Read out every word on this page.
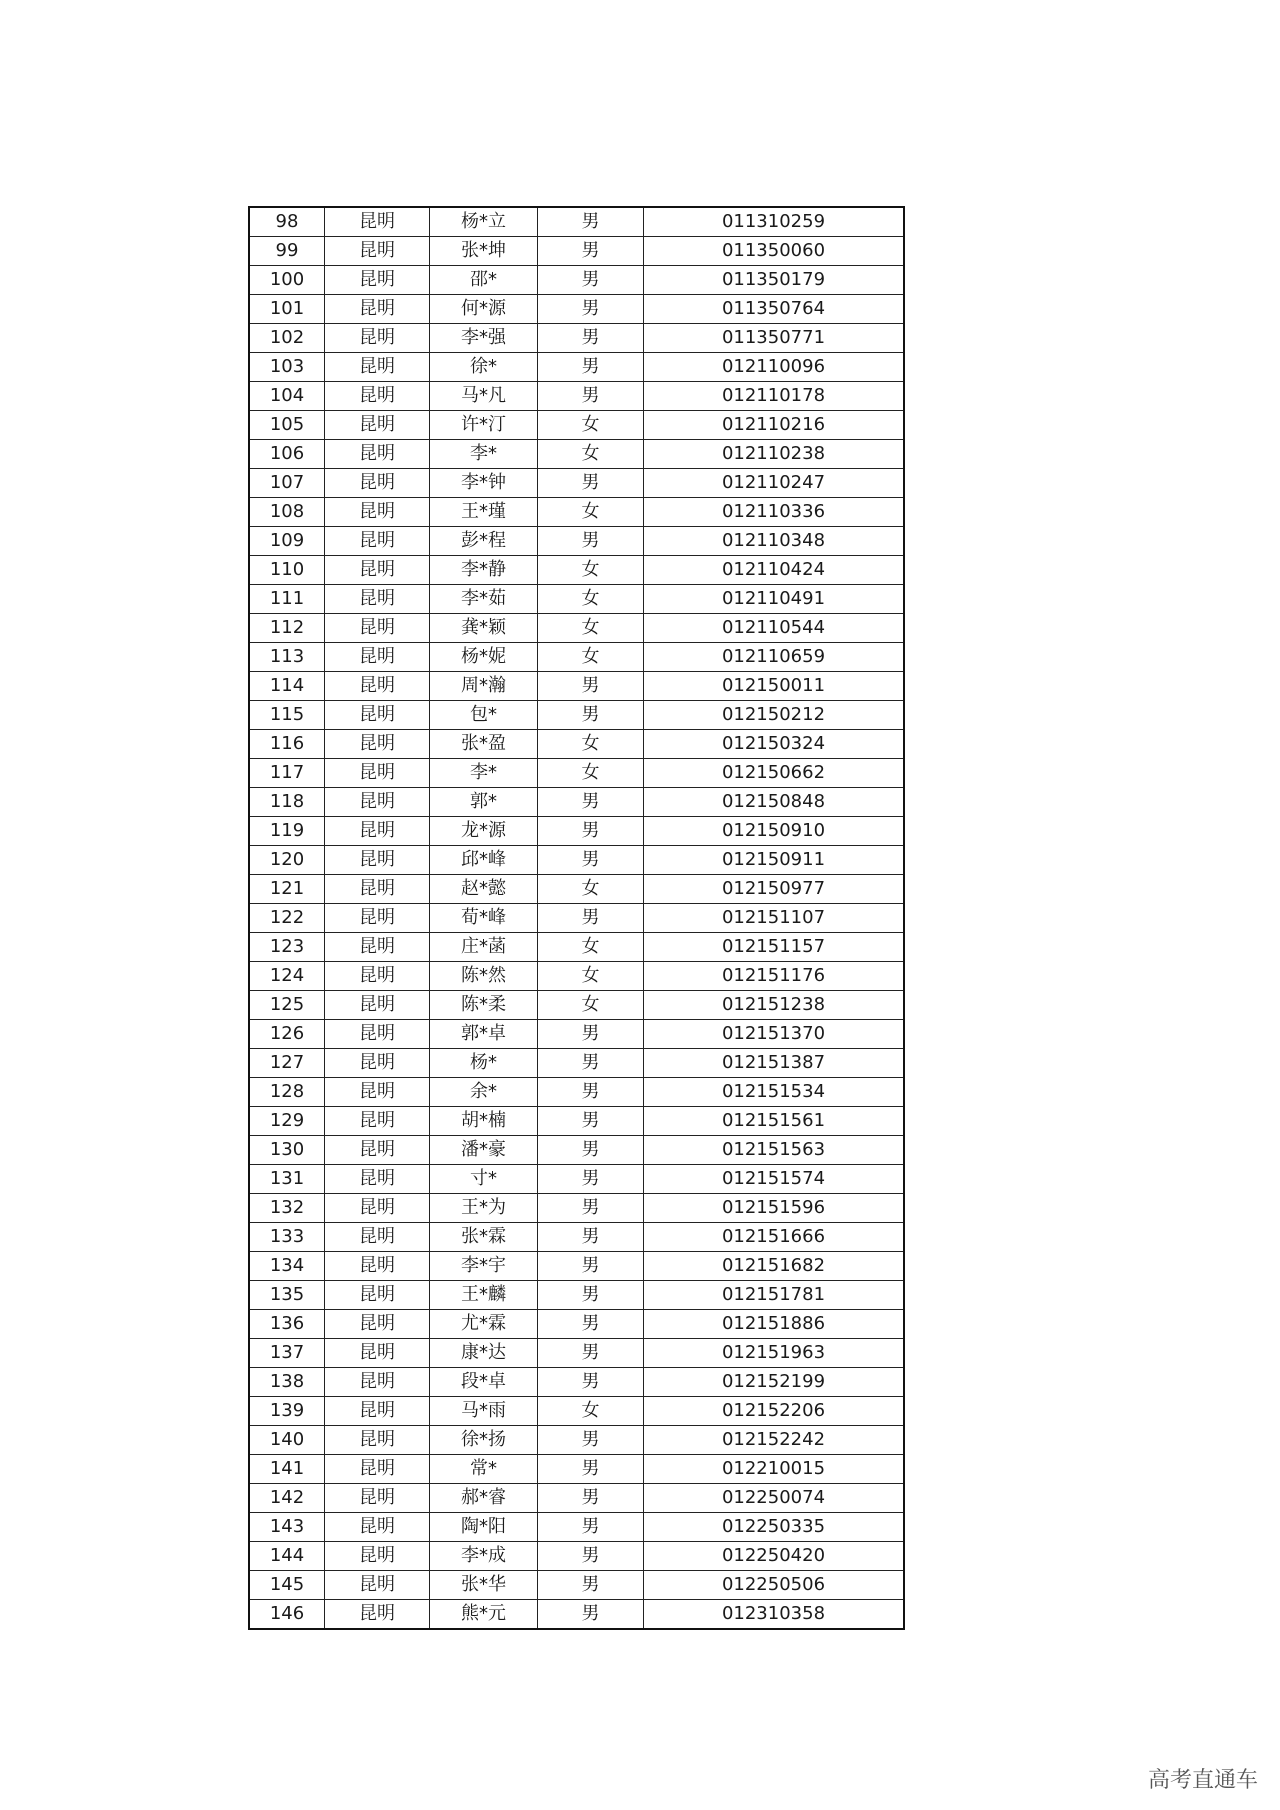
98	昆明	杨*立	男	011310259
99	昆明	张*坤	男	011350060
100	昆明	邵*	男	011350179
101	昆明	何*源	男	011350764
102	昆明	李*强	男	011350771
103	昆明	徐*	男	012110096
104	昆明	马*凡	男	012110178
105	昆明	许*汀	女	012110216
106	昆明	李*	女	012110238
107	昆明	李*钟	男	012110247
108	昆明	王*瑾	女	012110336
109	昆明	彭*程	男	012110348
110	昆明	李*静	女	012110424
111	昆明	李*茹	女	012110491
112	昆明	龚*颖	女	012110544
113	昆明	杨*妮	女	012110659
114	昆明	周*瀚	男	012150011
115	昆明	包*	男	012150212
116	昆明	张*盈	女	012150324
117	昆明	李*	女	012150662
118	昆明	郭*	男	012150848
119	昆明	龙*源	男	012150910
120	昆明	邱*峰	男	012150911
121	昆明	赵*懿	女	012150977
122	昆明	荀*峰	男	012151107
123	昆明	庄*菡	女	012151157
124	昆明	陈*然	女	012151176
125	昆明	陈*柔	女	012151238
126	昆明	郭*卓	男	012151370
127	昆明	杨*	男	012151387
128	昆明	余*	男	012151534
129	昆明	胡*楠	男	012151561
130	昆明	潘*豪	男	012151563
131	昆明	寸*	男	012151574
132	昆明	王*为	男	012151596
133	昆明	张*霖	男	012151666
134	昆明	李*宇	男	012151682
135	昆明	王*麟	男	012151781
136	昆明	尤*霖	男	012151886
137	昆明	康*达	男	012151963
138	昆明	段*卓	男	012152199
139	昆明	马*雨	女	012152206
140	昆明	徐*扬	男	012152242
141	昆明	常*	男	012210015
142	昆明	郝*睿	男	012250074
143	昆明	陶*阳	男	012250335
144	昆明	李*成	男	012250420
145	昆明	张*华	男	012250506
146	昆明	熊*元	男	012310358
高考直通车
